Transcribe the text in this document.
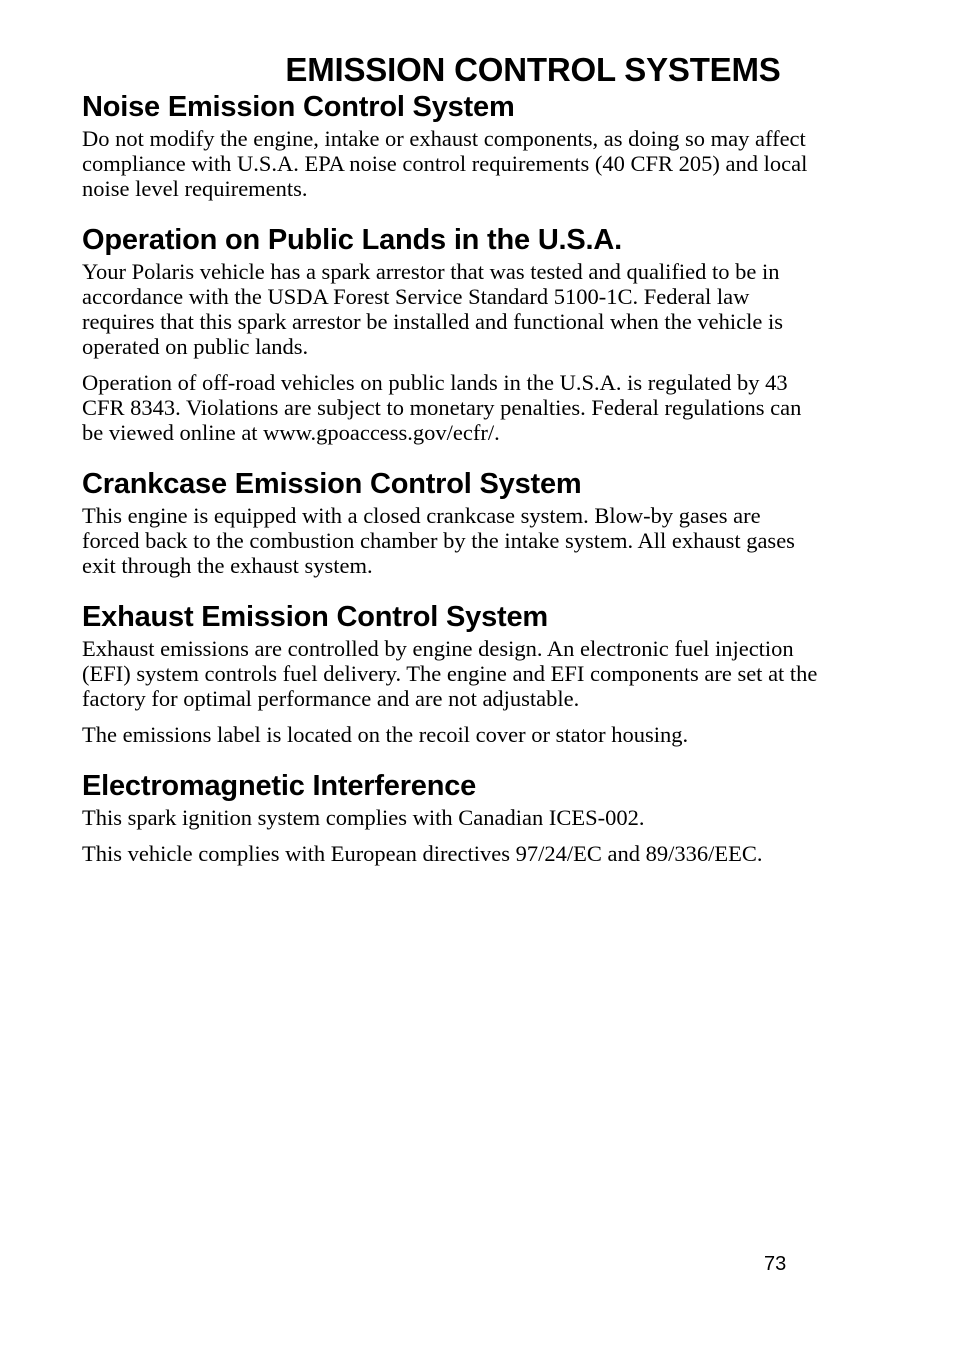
EMISSION CONTROL SYSTEMS
Noise Emission Control System

Do not modify the engine, intake or exhaust components, as doing so may affect compliance with U.S.A. EPA noise control requirements (40 CFR 205) and local noise level requirements.

Operation on Public Lands in the U.S.A.

Your Polaris vehicle has a spark arrestor that was tested and qualified to be in accordance with the USDA Forest Service Standard 5100-1C. Federal law requires that this spark arrestor be installed and functional when the vehicle is operated on public lands.

Operation of off-road vehicles on public lands in the U.S.A. is regulated by 43 CFR 8343. Violations are subject to monetary penalties. Federal regulations can be viewed online at www.gpoaccess.gov/ecfr/.

Crankcase Emission Control System

This engine is equipped with a closed crankcase system. Blow-by gases are forced back to the combustion chamber by the intake system. All exhaust gases exit through the exhaust system.

Exhaust Emission Control System

Exhaust emissions are controlled by engine design. An electronic fuel injection (EFI) system controls fuel delivery. The engine and EFI components are set at the factory for optimal performance and are not adjustable.

The emissions label is located on the recoil cover or stator housing.

Electromagnetic Interference

This spark ignition system complies with Canadian ICES-002.

This vehicle complies with European directives 97/24/EC and 89/336/EEC.

73
